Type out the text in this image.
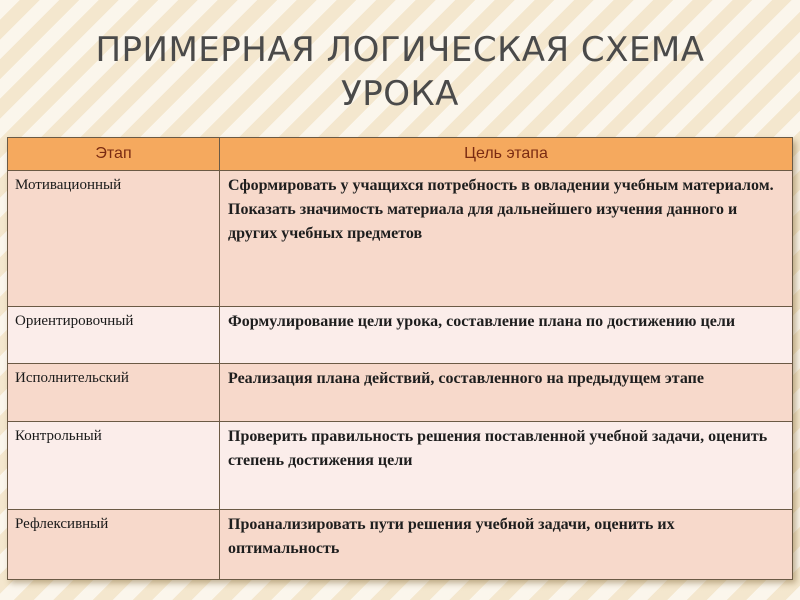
ПРИМЕРНАЯ ЛОГИЧЕСКАЯ СХЕМА
УРОКА
Этап	Цель этапа
Мотивационный	Сформировать у учащихся потребность в овладении учебным материалом. Показать значимость материала для дальнейшего изучения данного и других учебных предметов
Ориентировочный	Формулирование цели урока, составление плана по достижению цели
Исполнительский	Реализация плана действий, составленного на предыдущем этапе
Контрольный	Проверить правильность решения поставленной учебной задачи, оценить степень достижения цели
Рефлексивный	Проанализировать пути решения учебной задачи, оценить их оптимальность
